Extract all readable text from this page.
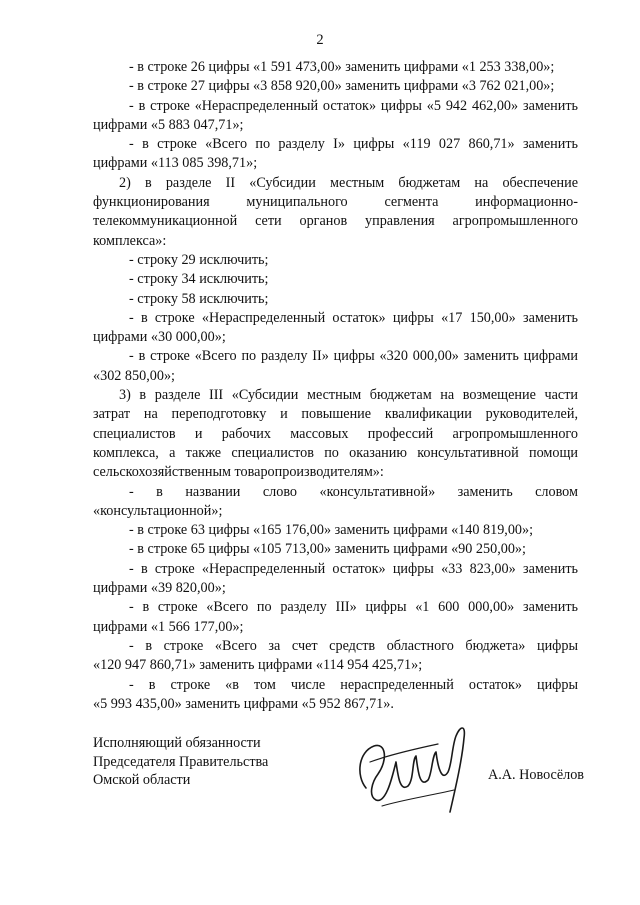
2
- в строке 26 цифры «1 591 473,00» заменить цифрами «1 253 338,00»;
- в строке 27 цифры «3 858 920,00» заменить цифрами «3 762 021,00»;
- в строке «Нераспределенный остаток» цифры «5 942 462,00» заменить
цифрами «5 883 047,71»;
- в строке «Всего по разделу I» цифры «119 027 860,71» заменить
цифрами «113 085 398,71»;
2) в разделе II «Субсидии местным бюджетам на обеспечение
функционирования муниципального сегмента информационно-
телекоммуникационной сети органов управления агропромышленного
комплекса»:
- строку 29 исключить;
- строку 34 исключить;
- строку 58 исключить;
- в строке «Нераспределенный остаток» цифры «17 150,00» заменить
цифрами «30 000,00»;
- в строке «Всего по разделу II» цифры «320 000,00» заменить цифрами
«302 850,00»;
3) в разделе III «Субсидии местным бюджетам на возмещение части
затрат на переподготовку и повышение квалификации руководителей,
специалистов и рабочих массовых профессий агропромышленного
комплекса, а также специалистов по оказанию консультативной помощи
сельскохозяйственным товаропроизводителям»:
- в названии слово «консультативной» заменить словом
«консультационной»;
- в строке 63 цифры «165 176,00» заменить цифрами «140 819,00»;
- в строке 65 цифры «105 713,00» заменить цифрами «90 250,00»;
- в строке «Нераспределенный остаток» цифры «33 823,00» заменить
цифрами «39 820,00»;
- в строке «Всего по разделу III» цифры «1 600 000,00» заменить
цифрами «1 566 177,00»;
- в строке «Всего за счет средств областного бюджета» цифры
«120 947 860,71» заменить цифрами «114 954 425,71»;
- в строке «в том числе нераспределенный остаток» цифры
«5 993 435,00» заменить цифрами «5 952 867,71».
Исполняющий обязанности
Председателя Правительства
Омской области	А.А. Новосёлов
